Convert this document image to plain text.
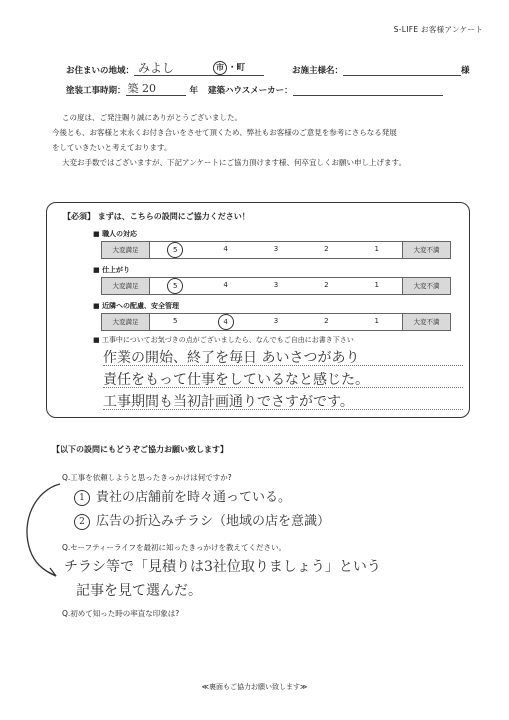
S-LIFE お客様アンケート
お住まいの地域： みよし	市 ・町	お施主様名：	様
塗装工事時期： 築 20	年 建築ハウスメーカー：

この度は、ご発注賜り誠にありがとうございました。

今後とも、お客様と末永くお付き合いをさせて頂くため、弊社もお客様のご意見を参考にさらなる発展

をしていきたいと考えております。

大変お手数ではございますが、下記アンケートにご協力頂けます様、何卒宜しくお願い申し上げます。

【必須】 まずは、こちらの設問にご協力ください！
■ 職人の対応
大変満足	5	4	3	2	1	大変不満
■ 仕上がり
大変満足	5	4	3	2	1	大変不満
■ 近隣への配慮、安全管理
大変満足	5	4	3	2	1	大変不満
■ 工事中についてお気づきの点がございましたら、なんでもご自由にお書き下さい
作業の開始、終了を毎日 あいさつがあり
責任をもって仕事をしているなと感じた。
工事期間も当初計画通りでさすがです。
【以下の設問にもどうぞご協力お願い致します】
Q.工事を依頼しようと思ったきっかけは何ですか?
1 貴社の店舗前を時々通っている。
2 広告の折込みチラシ（地域の店を意識）
Q.セーフティーライフを最初に知ったきっかけを教えてください。
チラシ等で「見積りは3社位取りましょう」という
記事を見て選んだ。
Q.初めて知った時の率直な印象は?
≪裏面もご協力お願い致します≫
